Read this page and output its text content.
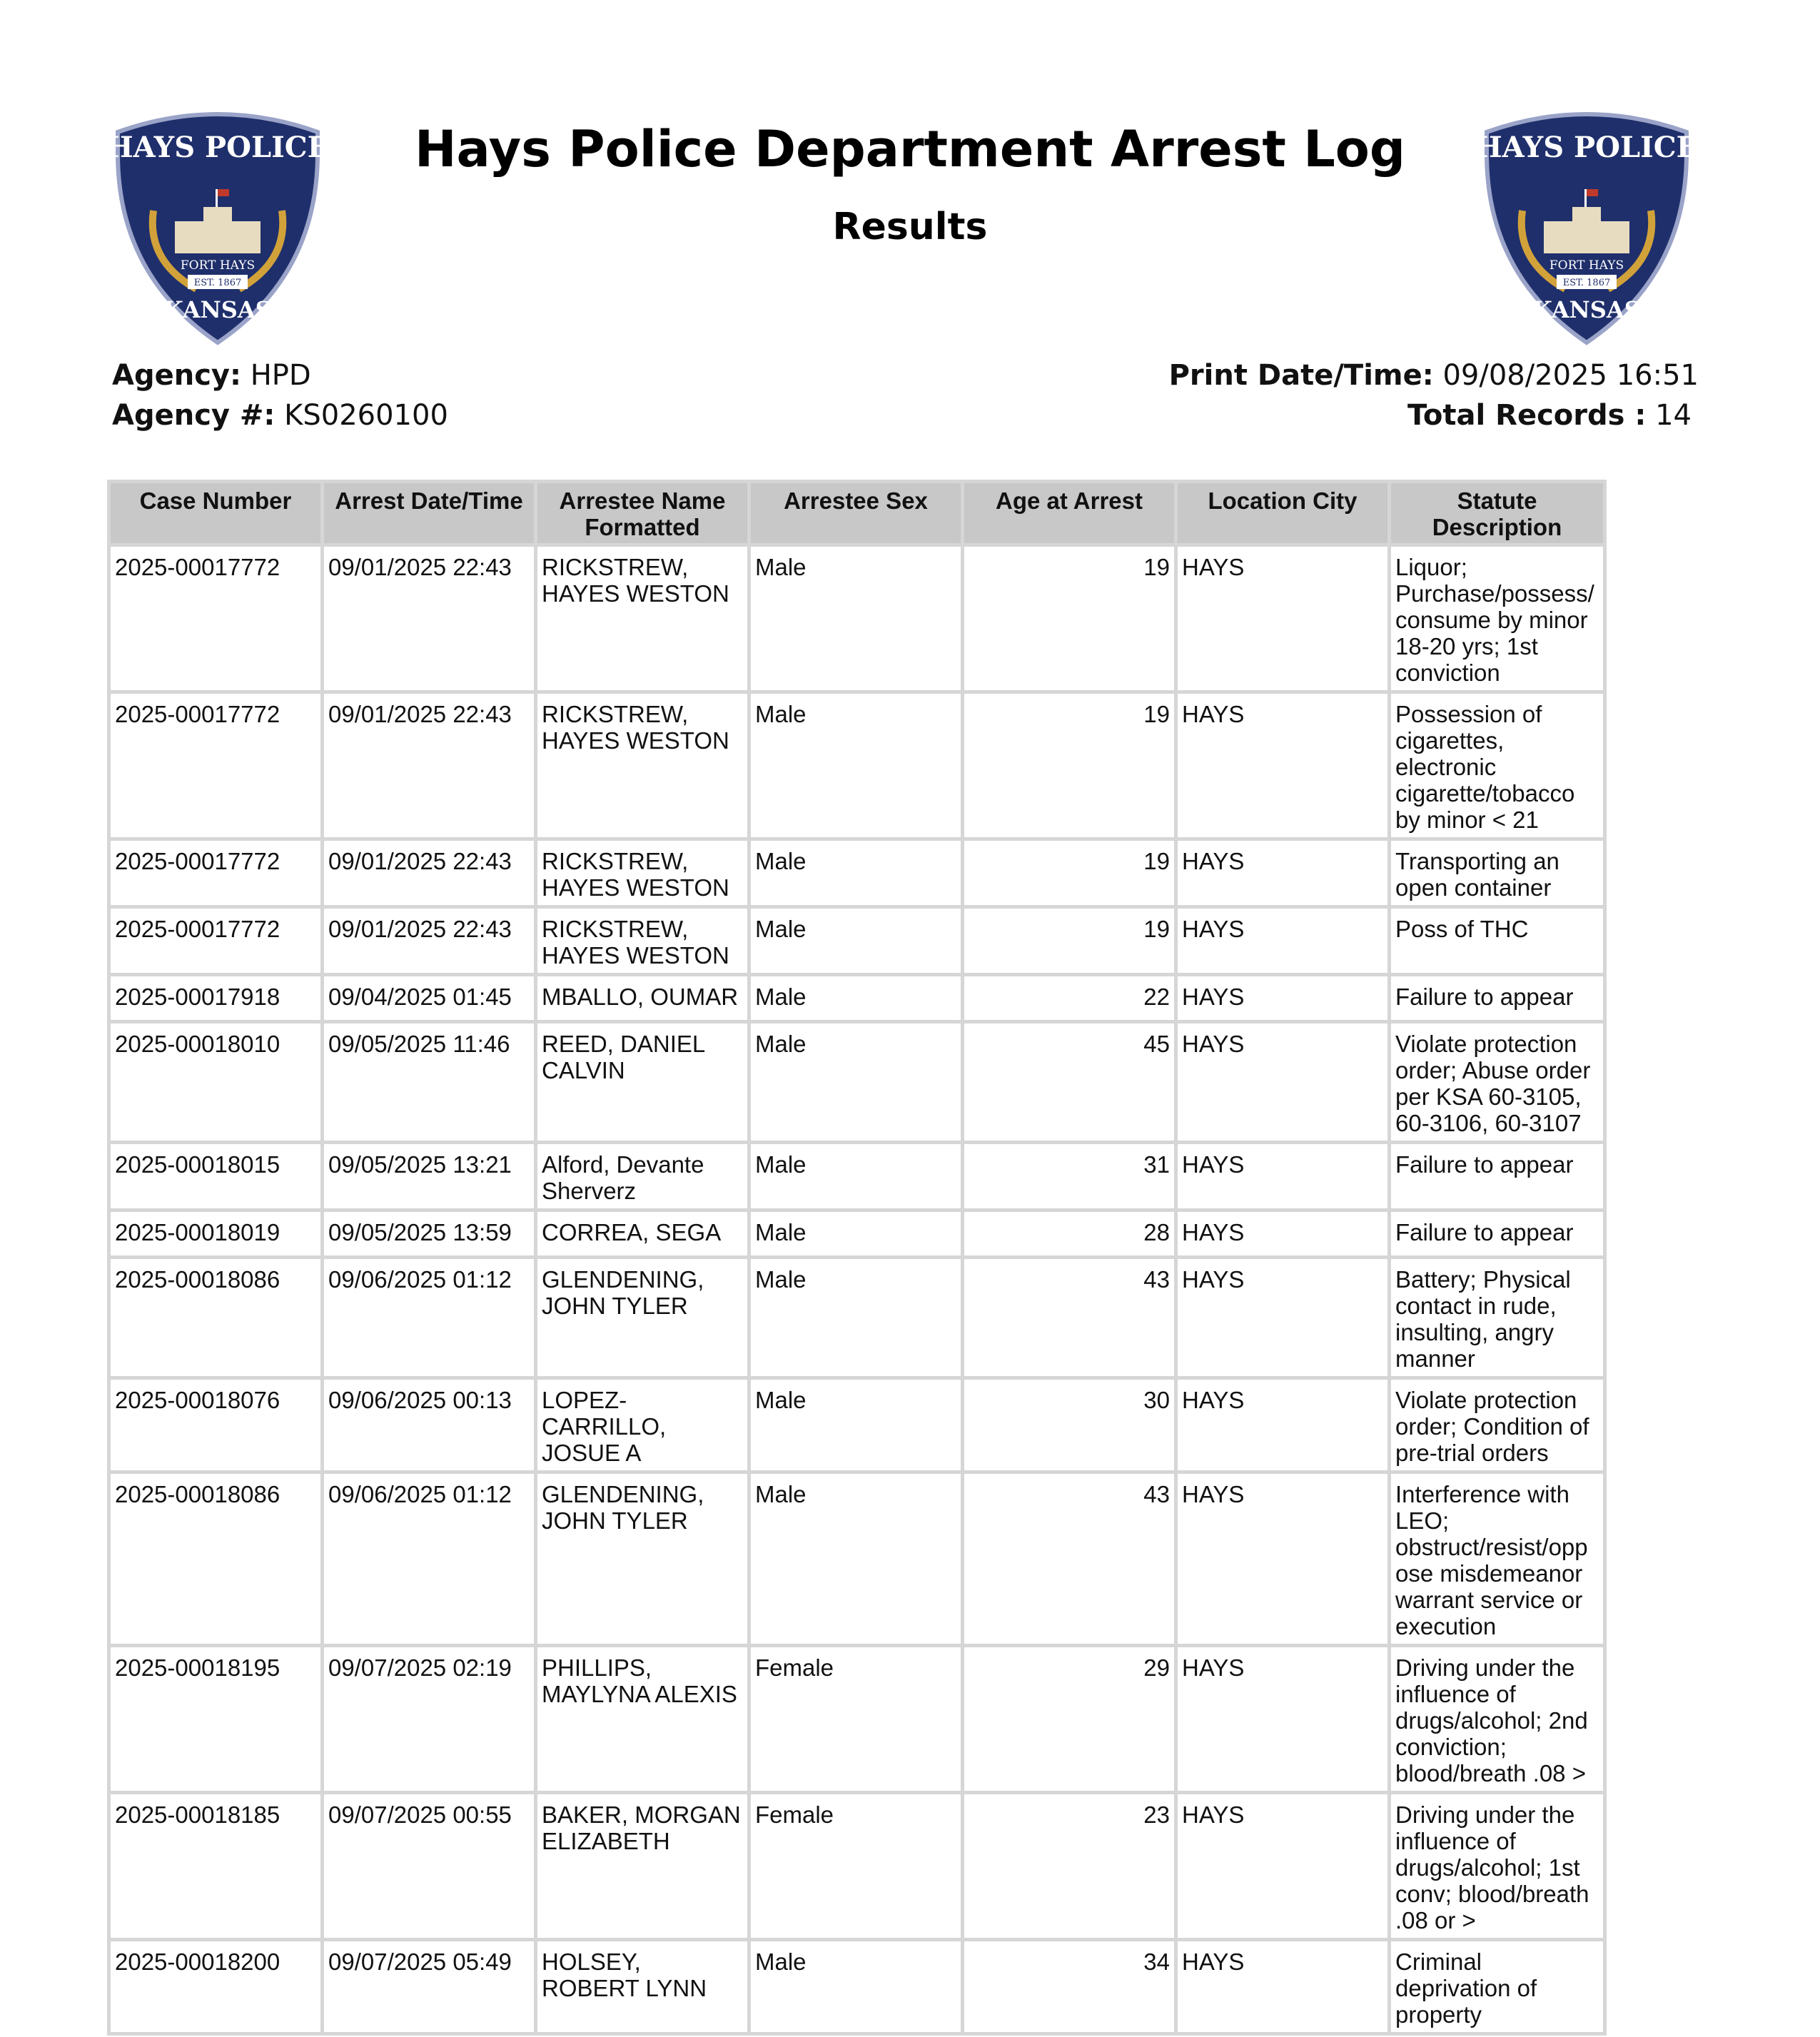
HAYS POLICE
FORT HAYS
EST. 1867
KANSAS
HAYS POLICE
FORT HAYS
EST. 1867
KANSAS
Hays Police Department Arrest Log
Results
Agency: HPD
Agency #: KS0260100
Print Date/Time: 09/08/2025 16:51
Total Records : 14
Case Number	Arrest Date/Time	Arrestee Name Formatted	Arrestee Sex	Age at Arrest	Location City	Statute Description
2025-00017772	09/01/2025 22:43	RICKSTREW, HAYES WESTON	Male	19	HAYS	Liquor; Purchase/possess/ consume by minor 18-20 yrs; 1st conviction
2025-00017772	09/01/2025 22:43	RICKSTREW, HAYES WESTON	Male	19	HAYS	Possession of cigarettes, electronic cigarette/tobacco by minor < 21
2025-00017772	09/01/2025 22:43	RICKSTREW, HAYES WESTON	Male	19	HAYS	Transporting an open container
2025-00017772	09/01/2025 22:43	RICKSTREW, HAYES WESTON	Male	19	HAYS	Poss of THC
2025-00017918	09/04/2025 01:45	MBALLO, OUMAR	Male	22	HAYS	Failure to appear
2025-00018010	09/05/2025 11:46	REED, DANIEL CALVIN	Male	45	HAYS	Violate protection order; Abuse order per KSA 60-3105, 60-3106, 60-3107
2025-00018015	09/05/2025 13:21	Alford, Devante Sherverz	Male	31	HAYS	Failure to appear
2025-00018019	09/05/2025 13:59	CORREA, SEGA	Male	28	HAYS	Failure to appear
2025-00018086	09/06/2025 01:12	GLENDENING, JOHN TYLER	Male	43	HAYS	Battery; Physical contact in rude, insulting, angry manner
2025-00018076	09/06/2025 00:13	LOPEZ-CARRILLO, JOSUE A	Male	30	HAYS	Violate protection order; Condition of pre-trial orders
2025-00018086	09/06/2025 01:12	GLENDENING, JOHN TYLER	Male	43	HAYS	Interference with LEO; obstruct/resist/opp ose misdemeanor warrant service or execution
2025-00018195	09/07/2025 02:19	PHILLIPS, MAYLYNA ALEXIS	Female	29	HAYS	Driving under the influence of drugs/alcohol; 2nd conviction; blood/breath .08 >
2025-00018185	09/07/2025 00:55	BAKER, MORGAN ELIZABETH	Female	23	HAYS	Driving under the influence of drugs/alcohol; 1st conv; blood/breath .08 or >
2025-00018200	09/07/2025 05:49	HOLSEY, ROBERT LYNN	Male	34	HAYS	Criminal deprivation of property
